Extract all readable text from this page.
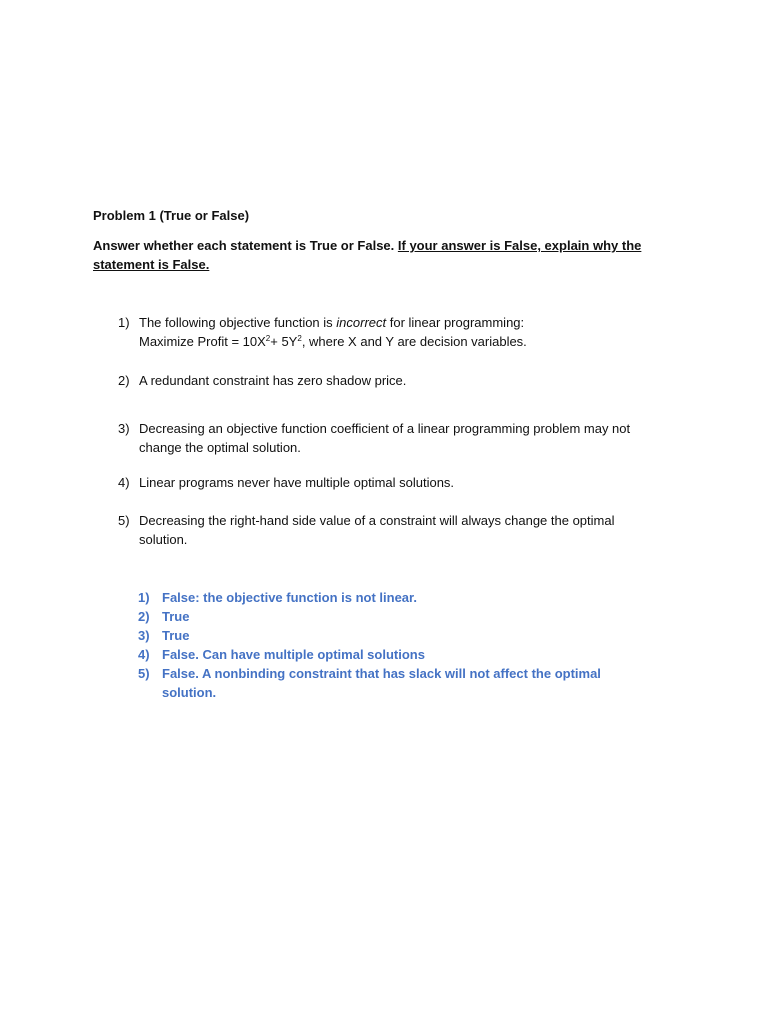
Problem 1 (True or False)
Answer whether each statement is True or False. If your answer is False, explain why the
statement is False.
1) The following objective function is incorrect for linear programming:
Maximize Profit = $10X^2+ 5Y^2$, where X and Y are decision variables.
2) A redundant constraint has zero shadow price.
3) Decreasing an objective function coefficient of a linear programming problem may not
change the optimal solution.
4) Linear programs never have multiple optimal solutions.
5) Decreasing the right-hand side value of a constraint will always change the optimal
solution.
1) False: the objective function is not linear.
2) True
3) True
4) False. Can have multiple optimal solutions
5) False. A nonbinding constraint that has slack will not affect the optimal
solution.
